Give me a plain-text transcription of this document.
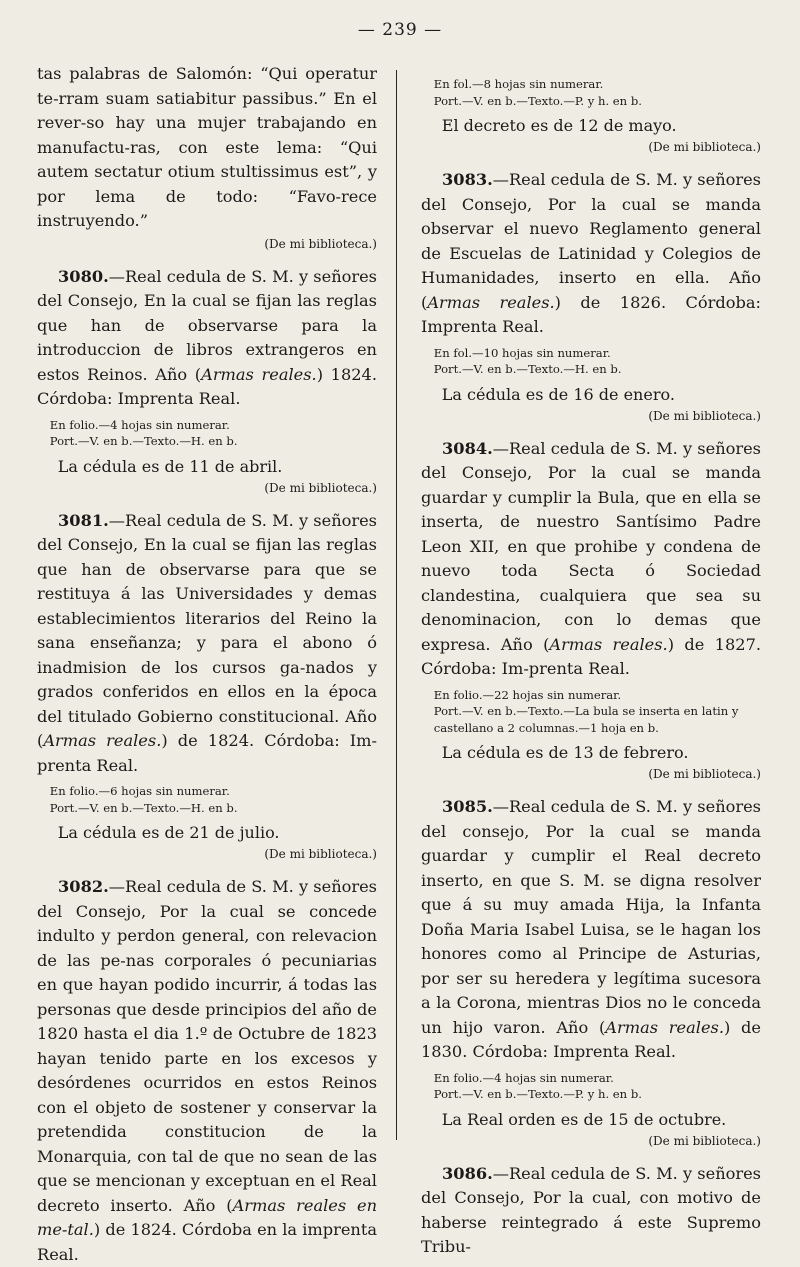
— 239 —

tas palabras de Salomón: “Qui operatur te-rram suam satiabitur passibus.” En el rever-so hay una mujer trabajando en manufactu-ras, con este lema: “Qui autem sectatur otium stultissimus est”, y por lema de todo: “Favo-rece instruyendo.”

(De mi biblioteca.)

3080.—Real cedula de S. M. y señores del Consejo, En la cual se fijan las reglas que han de observarse para la introduccion de libros extrangeros en estos Reinos. Año (Armas reales.) 1824. Córdoba: Imprenta Real.

En folio.—4 hojas sin numerar.

Port.—V. en b.—Texto.—H. en b.

La cédula es de 11 de abril.

(De mi biblioteca.)

3081.—Real cedula de S. M. y señores del Consejo, En la cual se fijan las reglas que han de observarse para que se restituya á las Universidades y demas establecimientos literarios del Reino la sana enseñanza; y para el abono ó inadmision de los cursos ga-nados y grados conferidos en ellos en la época del titulado Gobierno constitucional. Año (Armas reales.) de 1824. Córdoba: Im-prenta Real.

En folio.—6 hojas sin numerar.

Port.—V. en b.—Texto.—H. en b.

La cédula es de 21 de julio.

(De mi biblioteca.)

3082.—Real cedula de S. M. y señores del Consejo, Por la cual se concede indulto y perdon general, con relevacion de las pe-nas corporales ó pecuniarias en que hayan podido incurrir, á todas las personas que desde principios del año de 1820 hasta el dia 1.º de Octubre de 1823 hayan tenido parte en los excesos y desórdenes ocurridos en estos Reinos con el objeto de sostener y conservar la pretendida constitucion de la Monarquia, con tal de que no sean de las que se mencionan y exceptuan en el Real decreto inserto. Año (Armas reales en me-tal.) de 1824. Córdoba en la imprenta Real.

En fol.—8 hojas sin numerar.

Port.—V. en b.—Texto.—P. y h. en b.

El decreto es de 12 de mayo.

(De mi biblioteca.)

3083.—Real cedula de S. M. y señores del Consejo, Por la cual se manda observar el nuevo Reglamento general de Escuelas de Latinidad y Colegios de Humanidades, inserto en ella. Año (Armas reales.) de 1826. Córdoba: Imprenta Real.

En fol.—10 hojas sin numerar.

Port.—V. en b.—Texto.—H. en b.

La cédula es de 16 de enero.

(De mi biblioteca.)

3084.—Real cedula de S. M. y señores del Consejo, Por la cual se manda guardar y cumplir la Bula, que en ella se inserta, de nuestro Santísimo Padre Leon XII, en que prohibe y condena de nuevo toda Secta ó Sociedad clandestina, cualquiera que sea su denominacion, con lo demas que expresa. Año (Armas reales.) de 1827. Córdoba: Im-prenta Real.

En folio.—22 hojas sin numerar.

Port.—V. en b.—Texto.—La bula se inserta en latin y castellano a 2 columnas.—1 hoja en b.

La cédula es de 13 de febrero.

(De mi biblioteca.)

3085.—Real cedula de S. M. y señores del consejo, Por la cual se manda guardar y cumplir el Real decreto inserto, en que S. M. se digna resolver que á su muy amada Hija, la Infanta Doña Maria Isabel Luisa, se le hagan los honores como al Principe de Asturias, por ser su heredera y legítima sucesora a la Corona, mientras Dios no le conceda un hijo varon. Año (Armas reales.) de 1830. Córdoba: Imprenta Real.

En folio.—4 hojas sin numerar.

Port.—V. en b.—Texto.—P. y h. en b.

La Real orden es de 15 de octubre.

(De mi biblioteca.)

3086.—Real cedula de S. M. y señores del Consejo, Por la cual, con motivo de haberse reintegrado á este Supremo Tribu-
